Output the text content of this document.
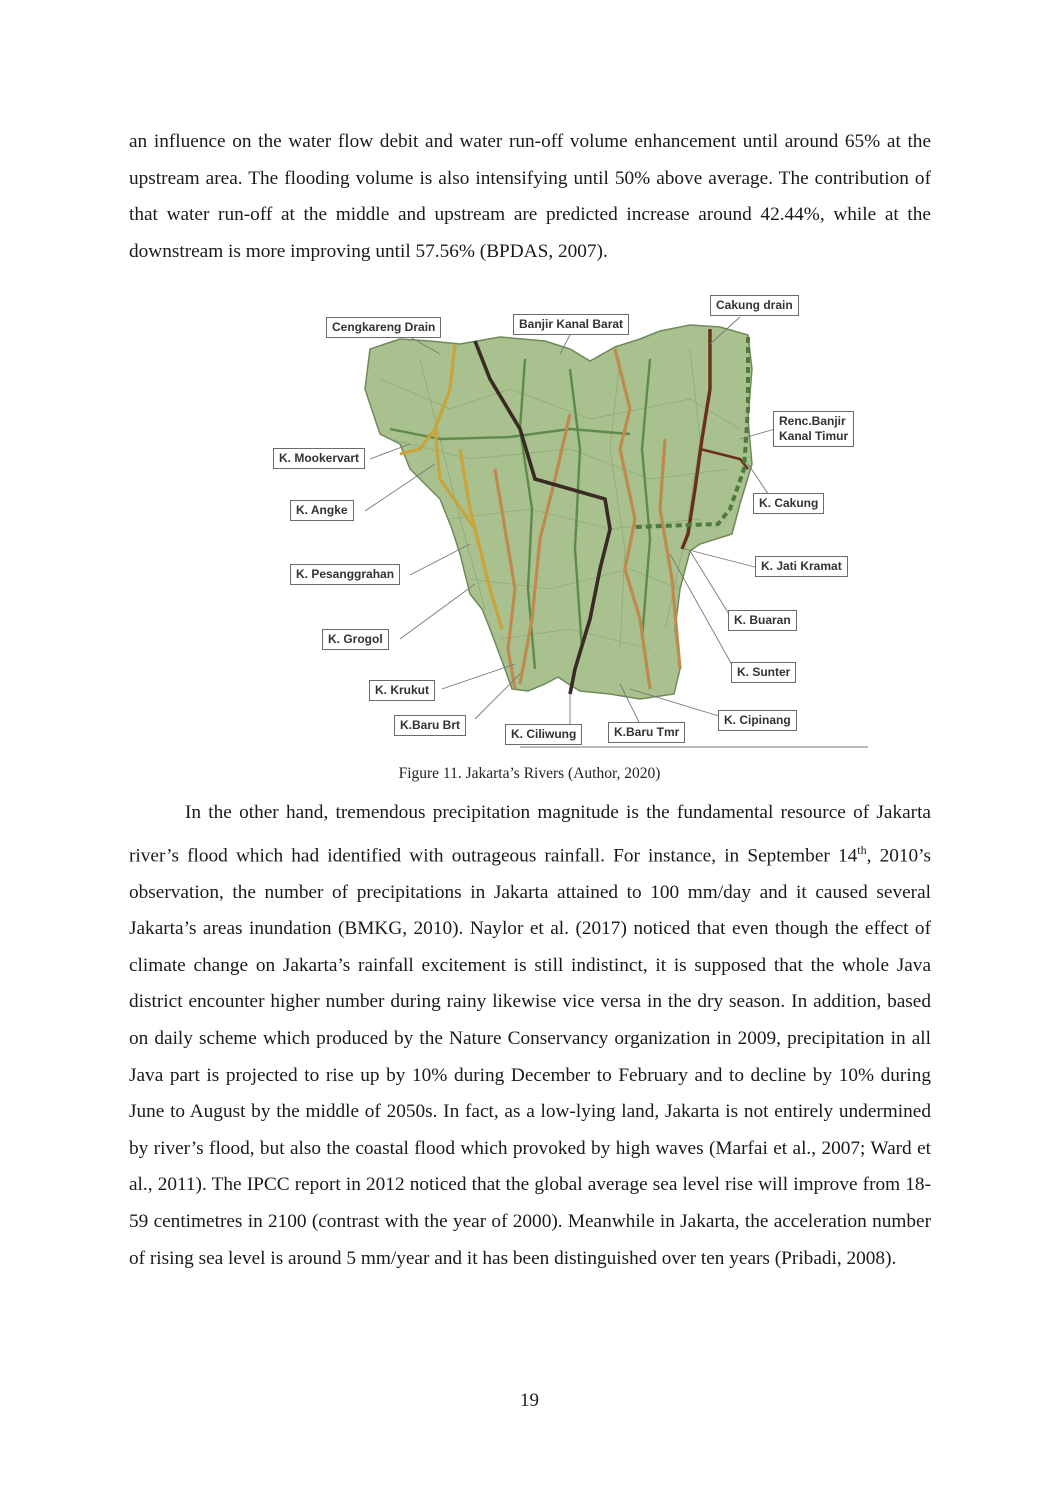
an influence on the water flow debit and water run-off volume enhancement until around 65% at the upstream area. The flooding volume is also intensifying until 50% above average. The contribution of that water run-off at the middle and upstream are predicted increase around 42.44%, while at the downstream is more improving until 57.56% (BPDAS, 2007).

Cengkareng Drain	Banjir Kanal Barat
Cakung drain
Renc.Banjir
Kanal Timur
K. Mookervart
K. Angke	K. Cakung
K. Pesanggrahan
K. Jati Kramat
K. Buaran
K. Grogol
K. Sunter
K. Krukut
K.Baru Brt
K. Ciliwung	K.Baru Tmr
K. Cipinang
Figure 11. Jakarta’s Rivers (Author, 2020)

In the other hand, tremendous precipitation magnitude is the fundamental resource of Jakarta river’s flood which had identified with outrageous rainfall. For instance, in September 14th, 2010’s observation, the number of precipitations in Jakarta attained to 100 mm/day and it caused several Jakarta’s areas inundation (BMKG, 2010). Naylor et al. (2017) noticed that even though the effect of climate change on Jakarta’s rainfall excitement is still indistinct, it is supposed that the whole Java district encounter higher number during rainy likewise vice versa in the dry season. In addition, based on daily scheme which produced by the Nature Conservancy organization in 2009, precipitation in all Java part is projected to rise up by 10% during December to February and to decline by 10% during June to August by the middle of 2050s. In fact, as a low-lying land, Jakarta is not entirely undermined by river’s flood, but also the coastal flood which provoked by high waves (Marfai et al., 2007; Ward et al., 2011). The IPCC report in 2012 noticed that the global average sea level rise will improve from 18-59 centimetres in 2100 (contrast with the year of 2000). Meanwhile in Jakarta, the acceleration number of rising sea level is around 5 mm/year and it has been distinguished over ten years (Pribadi, 2008).

19
